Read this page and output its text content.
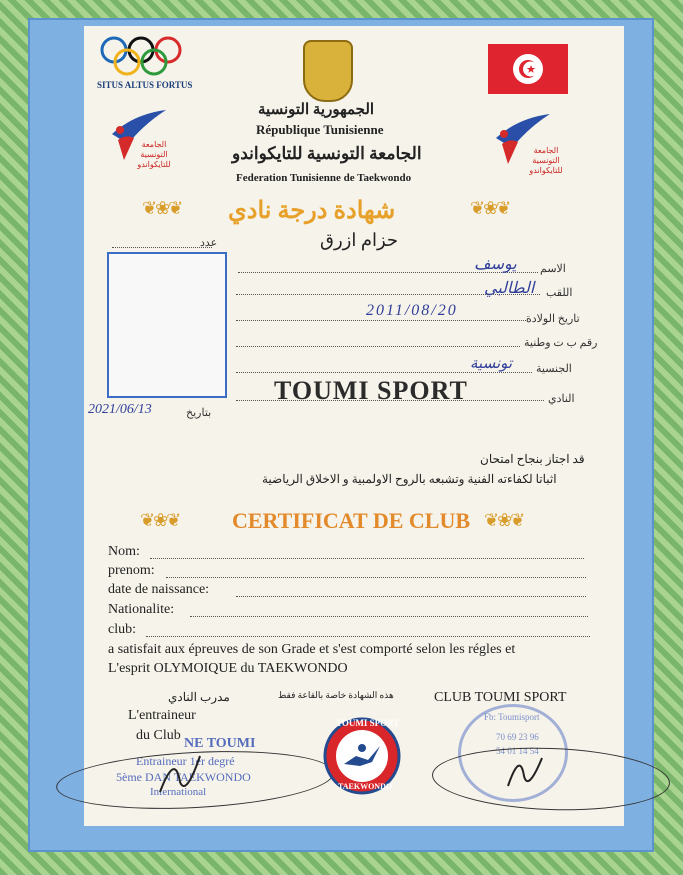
SITUS ALTUS FORTUS
الجامعة التونسية للتايكواندو
الجامعة التونسية للتايكواندو
الجمهورية التونسية
République Tunisienne
الجامعة التونسية للتايكواندو
Federation Tunisienne de Taekwondo
❦❀❦ شهادة درجة نادي	❦❀❦
حزام ازرق
عدد
الاسم
يوسف
اللقب
الطالبي
تاريخ الولادة
2011/08/20
رقم ب ت وطنية
الجنسية
تونسية
النادي
TOUMI SPORT
بتاريخ
2021/06/13
قد اجتاز بنجاح امتحان
اثباتا لكفاءته الفنية وتشبعه بالروح الاولمبية و الاخلاق الرياضية
❦❀❦ CERTIFICAT DE CLUB ❦❀❦
Nom:
prenom:
date de naissance:
Nationalite:
club:
a satisfait aux épreuves de son Grade et s'est comporté selon les régles et
L'esprit OLYMOIQUE du TAEKWONDO
مدرب النادي
L'entraineur
du Club
هذه الشهادة خاصة بالقاعة فقط	CLUB TOUMI SPORT
NE TOUMI
Entraineur 1er degré
5ème DAN TAEKWONDO
International
TOUMI SPORT
TAEKWONDO
Fb: Toumisport
70 69 23 96
54 01 14 54
